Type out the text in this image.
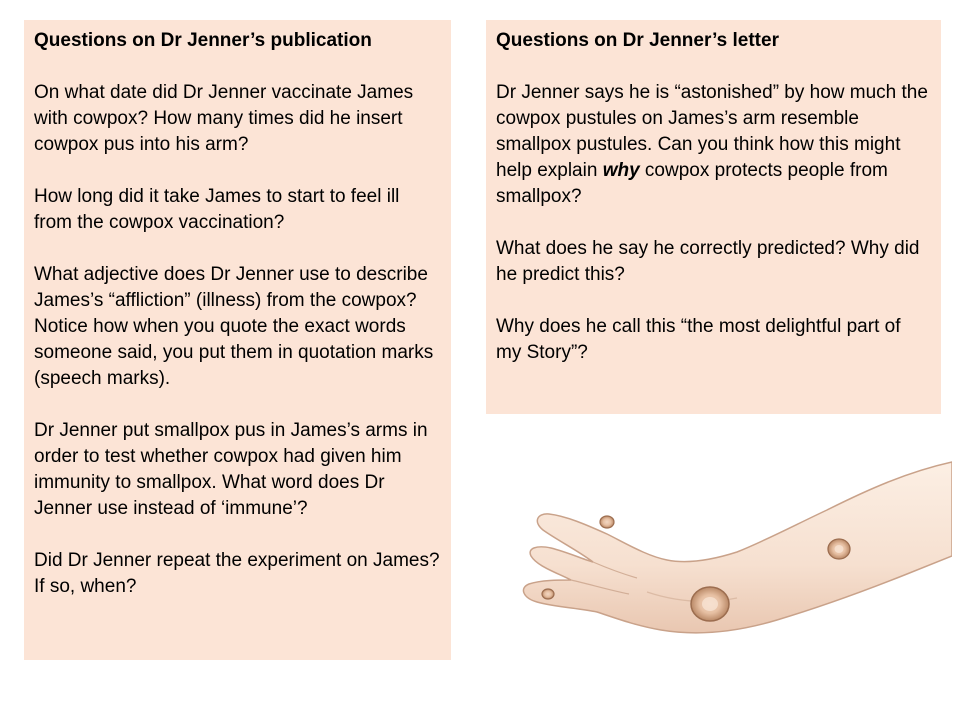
Questions on Dr Jenner’s publication

On what date did Dr Jenner vaccinate James with cowpox? How many times did he insert cowpox pus into his arm?

How long did it take James to start to feel ill from the cowpox vaccination?

What adjective does Dr Jenner use to describe James’s “affliction” (illness) from the cowpox? Notice how when you quote the exact words someone said, you put them in quotation marks (speech marks).

Dr Jenner put smallpox pus in James’s arms in order to test whether cowpox had given him immunity to smallpox. What word does Dr Jenner use instead of ‘immune’?

Did Dr Jenner repeat the experiment on James? If so, when?

Questions on Dr Jenner’s letter

Dr Jenner says he is “astonished” by how much the cowpox pustules on James’s arm resemble smallpox pustules. Can you think how this might help explain why cowpox protects people from smallpox?

What does he say he correctly predicted? Why did he predict this?

Why does he call this “the most delightful part of my Story”?
